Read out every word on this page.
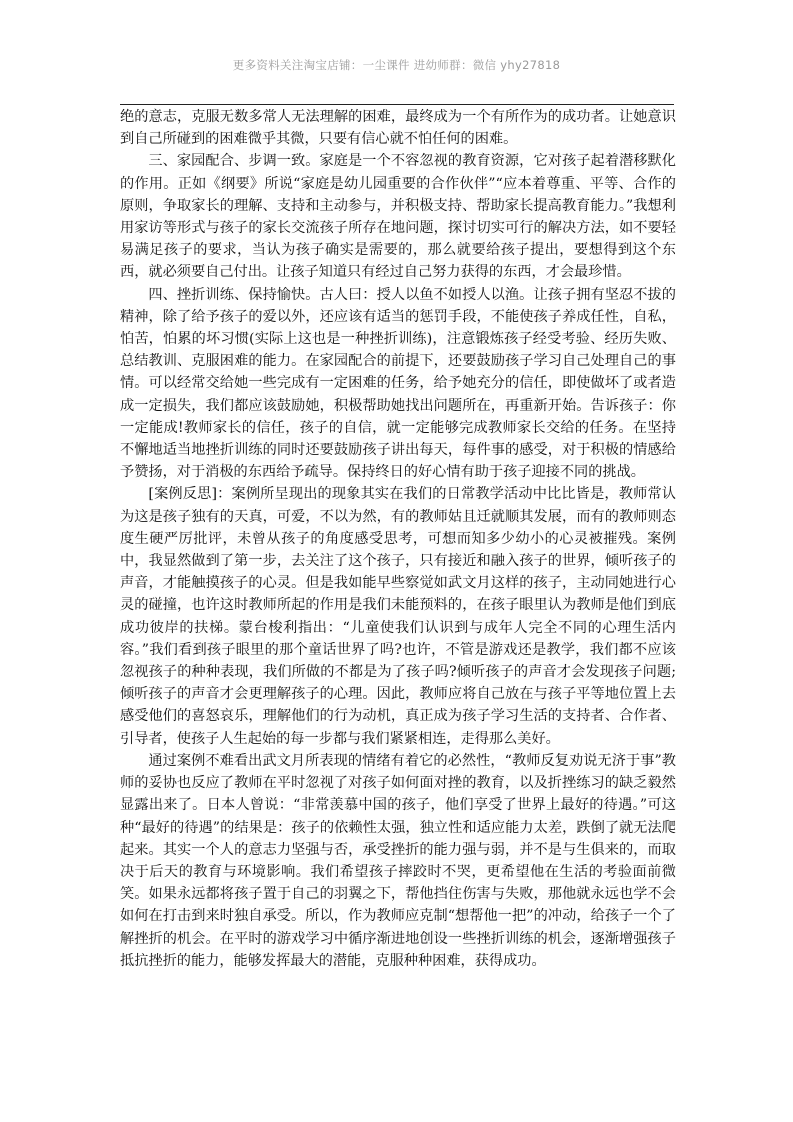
更多资料关注淘宝店铺：一尘课件 进幼师群：微信 yhy27818

绝的意志，克服无数多常人无法理解的困难，最终成为一个有所作为的成功者。让她意识到自己所碰到的困难微乎其微，只要有信心就不怕任何的困难。

三、家园配合、步调一致。家庭是一个不容忽视的教育资源，它对孩子起着潜移默化的作用。正如《纲要》所说“家庭是幼儿园重要的合作伙伴”“应本着尊重、平等、合作的原则，争取家长的理解、支持和主动参与，并积极支持、帮助家长提高教育能力。”我想利用家访等形式与孩子的家长交流孩子所存在地问题，探讨切实可行的解决方法，如不要轻易满足孩子的要求，当认为孩子确实是需要的，那么就要给孩子提出，要想得到这个东西，就必须要自己付出。让孩子知道只有经过自己努力获得的东西，才会最珍惜。

四、挫折训练、保持愉快。古人曰：授人以鱼不如授人以渔。让孩子拥有坚忍不拔的精神，除了给予孩子的爱以外，还应该有适当的惩罚手段，不能使孩子养成任性，自私，怕苦，怕累的坏习惯(实际上这也是一种挫折训练)，注意锻炼孩子经受考验、经历失败、总结教训、克服困难的能力。在家园配合的前提下，还要鼓励孩子学习自己处理自己的事情。可以经常交给她一些完成有一定困难的任务，给予她充分的信任，即使做坏了或者造成一定损失，我们都应该鼓励她，积极帮助她找出问题所在，再重新开始。告诉孩子：你一定能成!教师家长的信任，孩子的自信，就一定能够完成教师家长交给的任务。在坚持不懈地适当地挫折训练的同时还要鼓励孩子讲出每天，每件事的感受，对于积极的情感给予赞扬，对于消极的东西给予疏导。保持终日的好心情有助于孩子迎接不同的挑战。

[案例反思]：案例所呈现出的现象其实在我们的日常教学活动中比比皆是，教师常认为这是孩子独有的天真，可爱，不以为然，有的教师姑且迁就顺其发展，而有的教师则态度生硬严厉批评，未曾从孩子的角度感受思考，可想而知多少幼小的心灵被摧残。案例中，我显然做到了第一步，去关注了这个孩子，只有接近和融入孩子的世界，倾听孩子的声音，才能触摸孩子的心灵。但是我如能早些察觉如武文月这样的孩子，主动同她进行心灵的碰撞，也许这时教师所起的作用是我们未能预料的，在孩子眼里认为教师是他们到底成功彼岸的扶梯。蒙台梭利指出：“儿童使我们认识到与成年人完全不同的心理生活内容。”我们看到孩子眼里的那个童话世界了吗?也许，不管是游戏还是教学，我们都不应该忽视孩子的种种表现，我们所做的不都是为了孩子吗?倾听孩子的声音才会发现孩子问题;倾听孩子的声音才会更理解孩子的心理。因此，教师应将自己放在与孩子平等地位置上去感受他们的喜怒哀乐，理解他们的行为动机，真正成为孩子学习生活的支持者、合作者、引导者，使孩子人生起始的每一步都与我们紧紧相连，走得那么美好。

通过案例不难看出武文月所表现的情绪有着它的必然性，“教师反复劝说无济于事”教师的妥协也反应了教师在平时忽视了对孩子如何面对挫的教育，以及折挫练习的缺乏毅然显露出来了。日本人曾说：“非常羡慕中国的孩子，他们享受了世界上最好的待遇。”可这种“最好的待遇”的结果是：孩子的依赖性太强，独立性和适应能力太差，跌倒了就无法爬起来。其实一个人的意志力坚强与否，承受挫折的能力强与弱，并不是与生俱来的，而取决于后天的教育与环境影响。我们希望孩子摔跤时不哭，更希望他在生活的考验面前微笑。如果永远都将孩子置于自己的羽翼之下，帮他挡住伤害与失败，那他就永远也学不会如何在打击到来时独自承受。所以，作为教师应克制“想帮他一把”的冲动，给孩子一个了解挫折的机会。在平时的游戏学习中循序渐进地创设一些挫折训练的机会，逐渐增强孩子抵抗挫折的能力，能够发挥最大的潜能，克服种种困难，获得成功。
